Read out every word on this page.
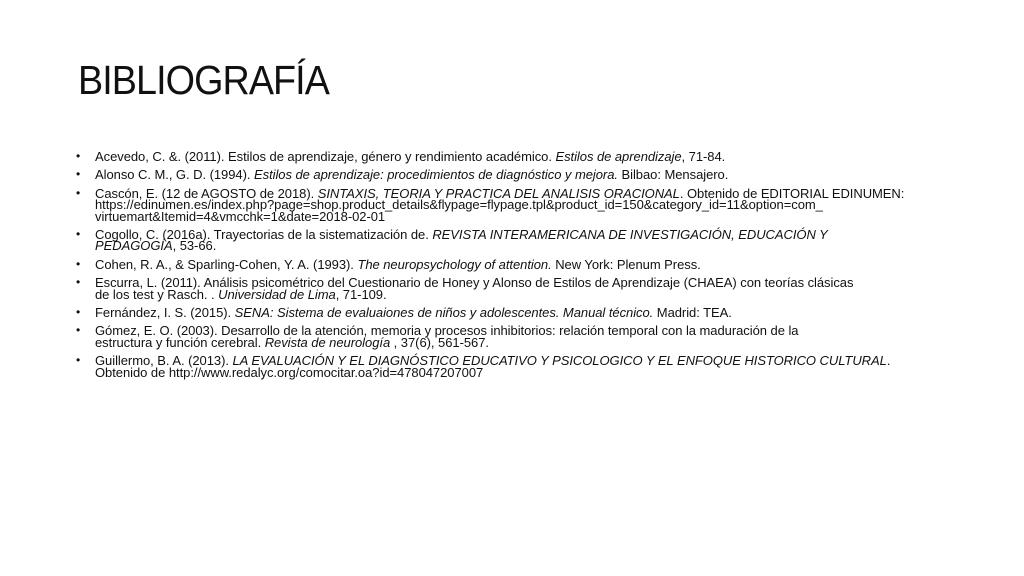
BIBLIOGRAFÍA
• Acevedo, C. &. (2011). Estilos de aprendizaje, género y rendimiento académico. Estilos de aprendizaje, 71-84.
• Alonso C. M., G. D. (1994). Estilos de aprendizaje: procedimientos de diagnóstico y mejora. Bilbao: Mensajero.
• Cascón, E. (12 de AGOSTO de 2018). SINTAXIS, TEORIA Y PRACTICA DEL ANALISIS ORACIONAL. Obtenido de EDITORIAL EDINUMEN:
https://edinumen.es/index.php?page=shop.product_details&flypage=flypage.tpl&product_id=150&category_id=11&option=com_
virtuemart&Itemid=4&vmcchk=1&date=2018-02-01
• Cogollo, C. (2016a). Trayectorias de la sistematización de. REVISTA INTERAMERICANA DE INVESTIGACIÓN, EDUCACIÓN Y
PEDAGOGÍA, 53-66.
• Cohen, R. A., & Sparling-Cohen, Y. A. (1993). The neuropsychology of attention. New York: Plenum Press.
• Escurra, L. (2011). Análisis psicométrico del Cuestionario de Honey y Alonso de Estilos de Aprendizaje (CHAEA) con teorías clásicas
de los test y Rasch. . Universidad de Lima, 71-109.
• Fernández, I. S. (2015). SENA: Sistema de evaluaiones de niños y adolescentes. Manual técnico. Madrid: TEA.
• Gómez, E. O. (2003). Desarrollo de la atención, memoria y procesos inhibitorios: relación temporal con la maduración de la
estructura y función cerebral. Revista de neurología , 37(6), 561-567.
• Guillermo, B. A. (2013). LA EVALUACIÓN Y EL DIAGNÓSTICO EDUCATIVO Y PSICOLOGICO Y EL ENFOQUE HISTORICO CULTURAL.
Obtenido de http://www.redalyc.org/comocitar.oa?id=478047207007
